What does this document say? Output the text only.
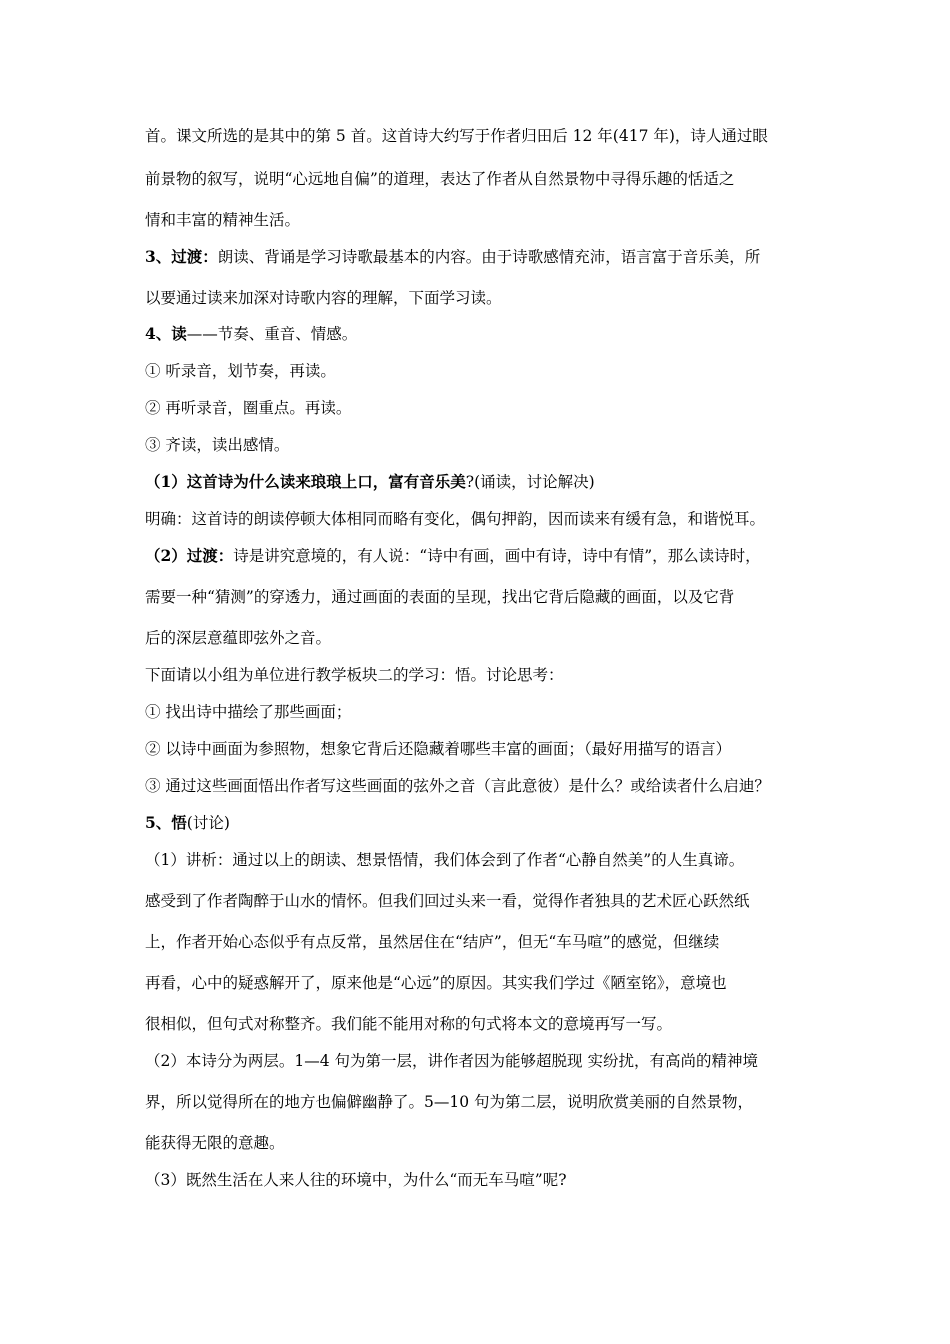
首。课文所选的是其中的第 5 首。这首诗大约写于作者归田后 12 年(417 年)，诗人通过眼
前景物的叙写，说明“心远地自偏”的道理，表达了作者从自然景物中寻得乐趣的恬适之
情和丰富的精神生活。
3、过渡：朗读、背诵是学习诗歌最基本的内容。由于诗歌感情充沛，语言富于音乐美，所
以要通过读来加深对诗歌内容的理解，下面学习读。
4、读——节奏、重音、情感。
① 听录音，划节奏，再读。
② 再听录音，圈重点。再读。
③ 齐读，读出感情。
（1）这首诗为什么读来琅琅上口，富有音乐美?(诵读，讨论解决)
明确：这首诗的朗读停顿大体相同而略有变化，偶句押韵，因而读来有缓有急，和谐悦耳。
（2）过渡：诗是讲究意境的，有人说：“诗中有画，画中有诗，诗中有情”，那么读诗时，
需要一种“猜测”的穿透力，通过画面的表面的呈现，找出它背后隐藏的画面，以及它背
后的深层意蕴即弦外之音。
下面请以小组为单位进行教学板块二的学习：悟。讨论思考：
① 找出诗中描绘了那些画面；
② 以诗中画面为参照物，想象它背后还隐藏着哪些丰富的画面；（最好用描写的语言）
③ 通过这些画面悟出作者写这些画面的弦外之音（言此意彼）是什么？或给读者什么启迪？
5、悟(讨论)
（1）讲析：通过以上的朗读、想景悟情，我们体会到了作者“心静自然美”的人生真谛。
感受到了作者陶醉于山水的情怀。但我们回过头来一看，觉得作者独具的艺术匠心跃然纸
上，作者开始心态似乎有点反常，虽然居住在“结庐”，但无“车马喧”的感觉，但继续
再看，心中的疑惑解开了，原来他是“心远”的原因。其实我们学过《陋室铭》，意境也
很相似，但句式对称整齐。我们能不能用对称的句式将本文的意境再写一写。
（2）本诗分为两层。1—4 句为第一层，讲作者因为能够超脱现 实纷扰，有高尚的精神境
界，所以觉得所在的地方也偏僻幽静了。5—10 句为第二层，说明欣赏美丽的自然景物，
能获得无限的意趣。
（3）既然生活在人来人往的环境中，为什么“而无车马喧”呢?
